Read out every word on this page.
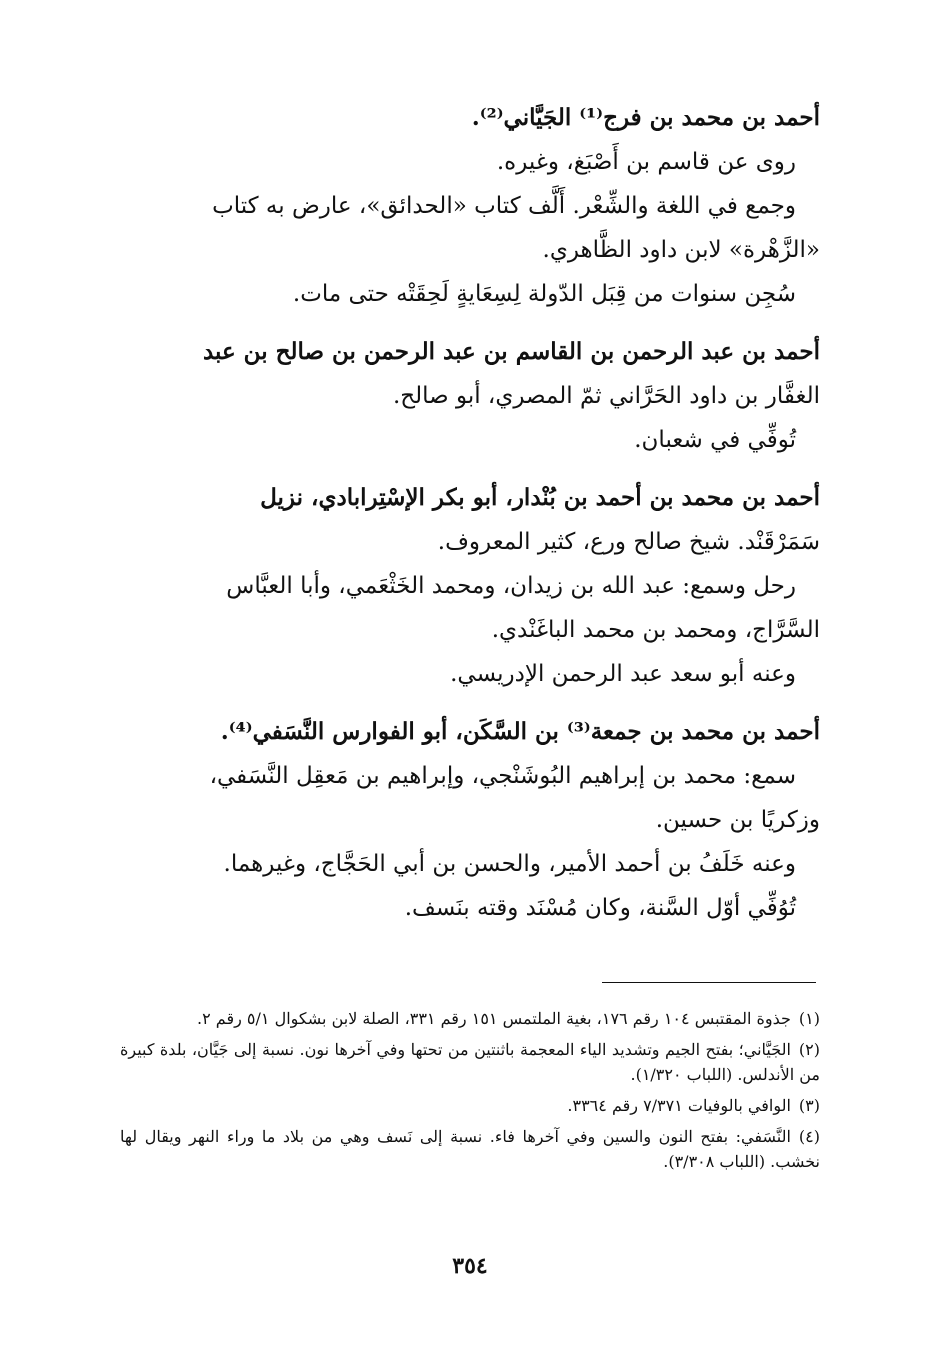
أحمد بن محمد بن فرج⁽¹⁾ الجَيَّاني⁽²⁾.
روى عن قاسم بن أَصْبَغ، وغيره.
وجمع في اللغة والشِّعْر. أَلَّف كتاب «الحدائق»، عارض به كتاب
«الزَّهْرة» لابن داود الظَّاهري.
سُجِن سنوات من قِبَل الدّولة لِسِعَايةٍ لَحِقَتْه حتى مات.
أحمد بن عبد الرحمن بن القاسم بن عبد الرحمن بن صالح بن عبد
الغفَّار بن داود الحَرَّاني ثمّ المصري، أبو صالح.
تُوفِّي في شعبان.
أحمد بن محمد بن أحمد بن بُنْدار، أبو بكر الإسْتِرابادي، نزيل
سَمَرْقَنْد. شيخ صالح ورع، كثير المعروف.
رحل وسمع: عبد الله بن زيدان، ومحمد الخَثْعَمي، وأبا العبَّاس
السَّرَّاج، ومحمد بن محمد الباغَنْدي.
وعنه أبو سعد عبد الرحمن الإدريسي.
أحمد بن محمد بن جمعة⁽³⁾ بن السَّكَن، أبو الفوارس النَّسَفي⁽⁴⁾.
سمع: محمد بن إبراهيم البُوشَنْجي، وإبراهيم بن مَعقِل النَّسَفي،
وزكريًا بن حسين.
وعنه خَلَفُ بن أحمد الأمير، والحسن بن أبي الحَجَّاج، وغيرهما.
تُوُفِّي أوّل السَّنة، وكان مُسْنَد وقته بنَسف.
(١)جذوة المقتبس ١٠٤ رقم ١٧٦، بغية الملتمس ١٥١ رقم ٣٣١، الصلة لابن بشكوال ٥/١ رقم ٢.
(٢)الجَيَّاني؛ بفتح الجيم وتشديد الياء المعجمة باثنتين من تحتها وفي آخرها نون. نسبة إلى جَيَّان، بلدة كبيرة من الأندلس. (اللباب ١/٣٢٠).
(٣)الوافي بالوفيات ٧/٣٧١ رقم ٣٣٦٤.
(٤)النَّسَفي: بفتح النون والسين وفي آخرها فاء. نسبة إلى نَسف وهي من بلاد ما وراء النهر ويقال لها نخشب. (اللباب ٣/٣٠٨).
٣٥٤
